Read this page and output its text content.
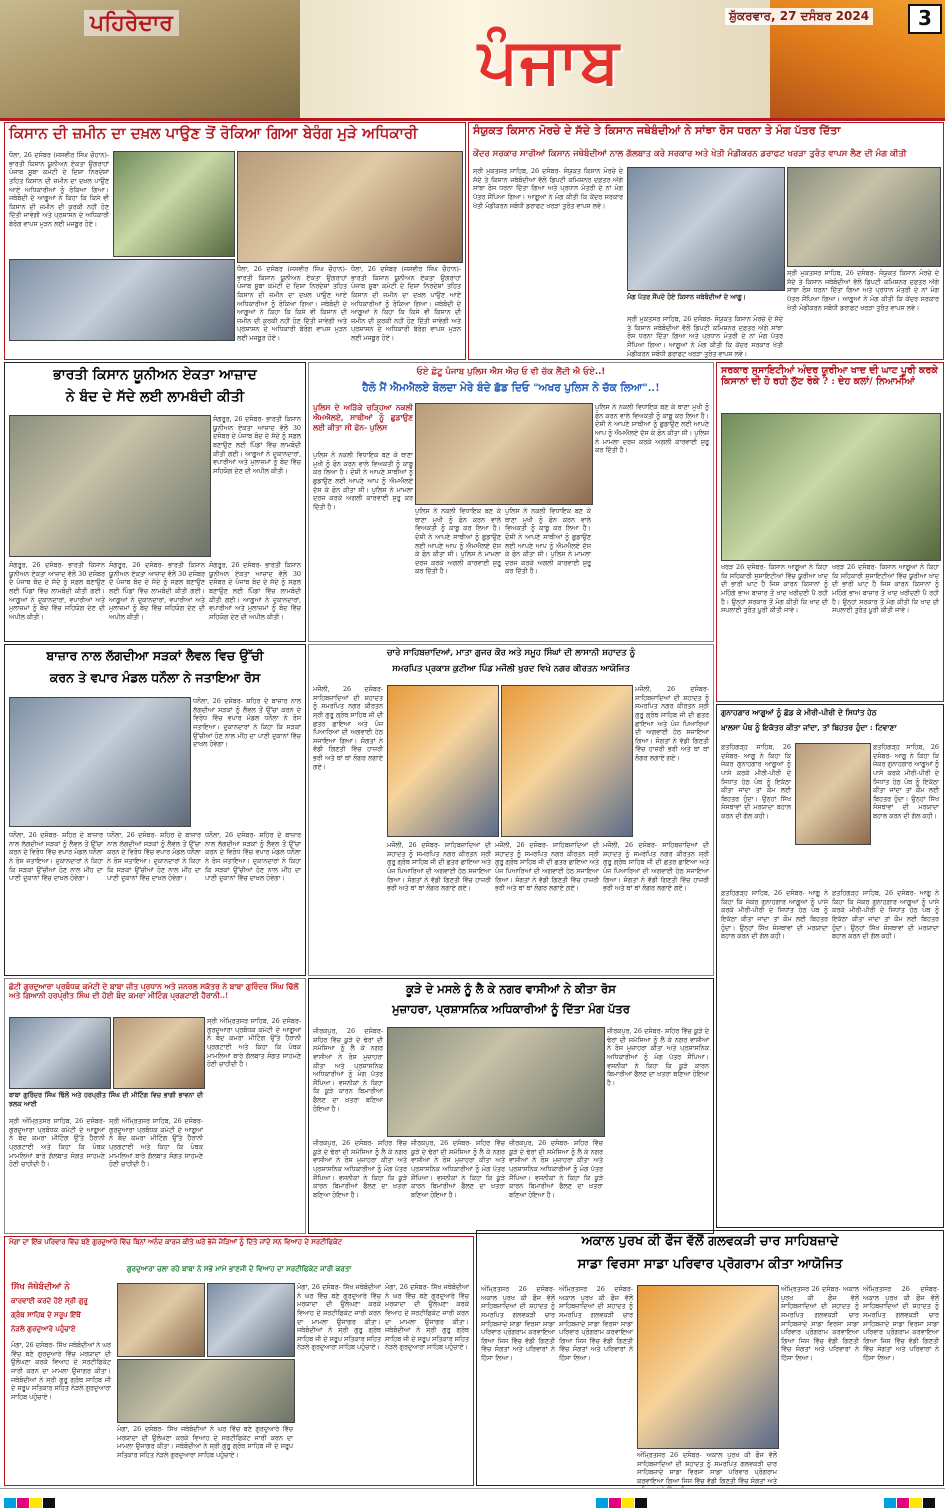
ਪਹਿਰੇਦਾਰ
ਪੰਜਾਬ
ਸ਼ੁੱਕਰਵਾਰ, 27 ਦਸੰਬਰ 2024	3
ਕਿਸਾਨ ਦੀ ਜ਼ਮੀਨ ਦਾ ਦਖ਼ਲ ਪਾਉਣ ਤੋਂ ਰੋਕਿਆ ਗਿਆ ਬੇਰੰਗ ਮੁੜੇ ਅਧਿਕਾਰੀ
ਧੌਲਾ, 26 ਦਸੰਬਰ (ਜਸਵੀਰ ਸਿੰਘ ਚੌਹਾਨ)- ਭਾਰਤੀ ਕਿਸਾਨ ਯੂਨੀਅਨ ਏਕਤਾ ਉਗਰਾਹਾਂ ਪੰਜਾਬ ਸੂਬਾ ਕਮੇਟੀ ਦੇ ਦਿਸ਼ਾ ਨਿਰਦੇਸ਼ਾਂ ਤਹਿਤ ਕਿਸਾਨ ਦੀ ਜ਼ਮੀਨ ਦਾ ਦਖ਼ਲ ਪਾਉਣ ਆਏ ਅਧਿਕਾਰੀਆਂ ਨੂੰ ਰੋਕਿਆ ਗਿਆ। ਜਥੇਬੰਦੀ ਦੇ ਆਗੂਆਂ ਨੇ ਕਿਹਾ ਕਿ ਕਿਸੇ ਵੀ ਕਿਸਾਨ ਦੀ ਜ਼ਮੀਨ ਦੀ ਕੁਰਕੀ ਨਹੀਂ ਹੋਣ ਦਿੱਤੀ ਜਾਵੇਗੀ ਅਤੇ ਪ੍ਰਸ਼ਾਸਨ ਦੇ ਅਧਿਕਾਰੀ ਬੇਰੰਗ ਵਾਪਸ ਮੁੜਨ ਲਈ ਮਜਬੂਰ ਹੋਏ।
ਧੌਲਾ, 26 ਦਸੰਬਰ (ਜਸਵੀਰ ਸਿੰਘ ਚੌਹਾਨ)- ਭਾਰਤੀ ਕਿਸਾਨ ਯੂਨੀਅਨ ਏਕਤਾ ਉਗਰਾਹਾਂ ਪੰਜਾਬ ਸੂਬਾ ਕਮੇਟੀ ਦੇ ਦਿਸ਼ਾ ਨਿਰਦੇਸ਼ਾਂ ਤਹਿਤ ਕਿਸਾਨ ਦੀ ਜ਼ਮੀਨ ਦਾ ਦਖ਼ਲ ਪਾਉਣ ਆਏ ਅਧਿਕਾਰੀਆਂ ਨੂੰ ਰੋਕਿਆ ਗਿਆ। ਜਥੇਬੰਦੀ ਦੇ ਆਗੂਆਂ ਨੇ ਕਿਹਾ ਕਿ ਕਿਸੇ ਵੀ ਕਿਸਾਨ ਦੀ ਜ਼ਮੀਨ ਦੀ ਕੁਰਕੀ ਨਹੀਂ ਹੋਣ ਦਿੱਤੀ ਜਾਵੇਗੀ ਅਤੇ ਪ੍ਰਸ਼ਾਸਨ ਦੇ ਅਧਿਕਾਰੀ ਬੇਰੰਗ ਵਾਪਸ ਮੁੜਨ ਲਈ ਮਜਬੂਰ ਹੋਏ।
ਧੌਲਾ, 26 ਦਸੰਬਰ (ਜਸਵੀਰ ਸਿੰਘ ਚੌਹਾਨ)- ਭਾਰਤੀ ਕਿਸਾਨ ਯੂਨੀਅਨ ਏਕਤਾ ਉਗਰਾਹਾਂ ਪੰਜਾਬ ਸੂਬਾ ਕਮੇਟੀ ਦੇ ਦਿਸ਼ਾ ਨਿਰਦੇਸ਼ਾਂ ਤਹਿਤ ਕਿਸਾਨ ਦੀ ਜ਼ਮੀਨ ਦਾ ਦਖ਼ਲ ਪਾਉਣ ਆਏ ਅਧਿਕਾਰੀਆਂ ਨੂੰ ਰੋਕਿਆ ਗਿਆ। ਜਥੇਬੰਦੀ ਦੇ ਆਗੂਆਂ ਨੇ ਕਿਹਾ ਕਿ ਕਿਸੇ ਵੀ ਕਿਸਾਨ ਦੀ ਜ਼ਮੀਨ ਦੀ ਕੁਰਕੀ ਨਹੀਂ ਹੋਣ ਦਿੱਤੀ ਜਾਵੇਗੀ ਅਤੇ ਪ੍ਰਸ਼ਾਸਨ ਦੇ ਅਧਿਕਾਰੀ ਬੇਰੰਗ ਵਾਪਸ ਮੁੜਨ ਲਈ ਮਜਬੂਰ ਹੋਏ।
ਸੰਯੁਕਤ ਕਿਸਾਨ ਮੋਰਚੇ ਦੇ ਸੱਦੇ ਤੇ ਕਿਸਾਨ ਜਥੇਬੰਦੀਆਂ ਨੇ ਸਾਂਝਾ ਰੋਸ ਧਰਨਾ ਤੇ ਮੰਗ ਪੱਤਰ ਦਿੱਤਾ
ਕੇਂਦਰ ਸਰਕਾਰ ਸਾਰੀਆਂ ਕਿਸਾਨ ਜਥੇਬੰਦੀਆਂ ਨਾਲ ਗੱਲਬਾਤ ਕਰੇ ਸਰਕਾਰ ਅਤੇ ਖੇਤੀ ਮੰਡੀਕਰਨ ਡਰਾਫਟ ਖਰੜਾ ਤੁਰੰਤ ਵਾਪਸ ਲੈਣ ਦੀ ਮੰਗ ਕੀਤੀ
ਸ੍ਰੀ ਮੁਕਤਸਰ ਸਾਹਿਬ, 26 ਦਸੰਬਰ- ਸੰਯੁਕਤ ਕਿਸਾਨ ਮੋਰਚੇ ਦੇ ਸੱਦੇ ਤੇ ਕਿਸਾਨ ਜਥੇਬੰਦੀਆਂ ਵੱਲੋਂ ਡਿਪਟੀ ਕਮਿਸ਼ਨਰ ਦਫ਼ਤਰ ਅੱਗੇ ਸਾਂਝਾ ਰੋਸ ਧਰਨਾ ਦਿੱਤਾ ਗਿਆ ਅਤੇ ਪ੍ਰਧਾਨ ਮੰਤਰੀ ਦੇ ਨਾਂ ਮੰਗ ਪੱਤਰ ਸੌਂਪਿਆ ਗਿਆ। ਆਗੂਆਂ ਨੇ ਮੰਗ ਕੀਤੀ ਕਿ ਕੇਂਦਰ ਸਰਕਾਰ ਖੇਤੀ ਮੰਡੀਕਰਨ ਸਬੰਧੀ ਡਰਾਫਟ ਖਰੜਾ ਤੁਰੰਤ ਵਾਪਸ ਲਵੇ।
ਮੰਗ ਪੱਤਰ ਸੌਂਪਦੇ ਹੋਏ ਕਿਸਾਨ ਜਥੇਬੰਦੀਆਂ ਦੇ ਆਗੂ।
ਸ੍ਰੀ ਮੁਕਤਸਰ ਸਾਹਿਬ, 26 ਦਸੰਬਰ- ਸੰਯੁਕਤ ਕਿਸਾਨ ਮੋਰਚੇ ਦੇ ਸੱਦੇ ਤੇ ਕਿਸਾਨ ਜਥੇਬੰਦੀਆਂ ਵੱਲੋਂ ਡਿਪਟੀ ਕਮਿਸ਼ਨਰ ਦਫ਼ਤਰ ਅੱਗੇ ਸਾਂਝਾ ਰੋਸ ਧਰਨਾ ਦਿੱਤਾ ਗਿਆ ਅਤੇ ਪ੍ਰਧਾਨ ਮੰਤਰੀ ਦੇ ਨਾਂ ਮੰਗ ਪੱਤਰ ਸੌਂਪਿਆ ਗਿਆ। ਆਗੂਆਂ ਨੇ ਮੰਗ ਕੀਤੀ ਕਿ ਕੇਂਦਰ ਸਰਕਾਰ ਖੇਤੀ ਮੰਡੀਕਰਨ ਸਬੰਧੀ ਡਰਾਫਟ ਖਰੜਾ ਤੁਰੰਤ ਵਾਪਸ ਲਵੇ।
ਸ੍ਰੀ ਮੁਕਤਸਰ ਸਾਹਿਬ, 26 ਦਸੰਬਰ- ਸੰਯੁਕਤ ਕਿਸਾਨ ਮੋਰਚੇ ਦੇ ਸੱਦੇ ਤੇ ਕਿਸਾਨ ਜਥੇਬੰਦੀਆਂ ਵੱਲੋਂ ਡਿਪਟੀ ਕਮਿਸ਼ਨਰ ਦਫ਼ਤਰ ਅੱਗੇ ਸਾਂਝਾ ਰੋਸ ਧਰਨਾ ਦਿੱਤਾ ਗਿਆ ਅਤੇ ਪ੍ਰਧਾਨ ਮੰਤਰੀ ਦੇ ਨਾਂ ਮੰਗ ਪੱਤਰ ਸੌਂਪਿਆ ਗਿਆ। ਆਗੂਆਂ ਨੇ ਮੰਗ ਕੀਤੀ ਕਿ ਕੇਂਦਰ ਸਰਕਾਰ ਖੇਤੀ ਮੰਡੀਕਰਨ ਸਬੰਧੀ ਡਰਾਫਟ ਖਰੜਾ ਤੁਰੰਤ ਵਾਪਸ ਲਵੇ।
ਭਾਰਤੀ ਕਿਸਾਨ ਯੂਨੀਅਨ ਏਕਤਾ ਆਜ਼ਾਦ
ਨੇ ਬੰਦ ਦੇ ਸੱਦੇ ਲਈ ਲਾਮਬੰਦੀ ਕੀਤੀ
ਸੰਗਰੂਰ, 26 ਦਸੰਬਰ- ਭਾਰਤੀ ਕਿਸਾਨ ਯੂਨੀਅਨ ਏਕਤਾ ਆਜ਼ਾਦ ਵੱਲੋਂ 30 ਦਸੰਬਰ ਦੇ ਪੰਜਾਬ ਬੰਦ ਦੇ ਸੱਦੇ ਨੂੰ ਸਫ਼ਲ ਬਣਾਉਣ ਲਈ ਪਿੰਡਾਂ ਵਿੱਚ ਲਾਮਬੰਦੀ ਕੀਤੀ ਗਈ। ਆਗੂਆਂ ਨੇ ਦੁਕਾਨਦਾਰਾਂ, ਵਪਾਰੀਆਂ ਅਤੇ ਮੁਲਾਜ਼ਮਾਂ ਨੂੰ ਬੰਦ ਵਿੱਚ ਸਹਿਯੋਗ ਦੇਣ ਦੀ ਅਪੀਲ ਕੀਤੀ।
ਸੰਗਰੂਰ, 26 ਦਸੰਬਰ- ਭਾਰਤੀ ਕਿਸਾਨ ਯੂਨੀਅਨ ਏਕਤਾ ਆਜ਼ਾਦ ਵੱਲੋਂ 30 ਦਸੰਬਰ ਦੇ ਪੰਜਾਬ ਬੰਦ ਦੇ ਸੱਦੇ ਨੂੰ ਸਫ਼ਲ ਬਣਾਉਣ ਲਈ ਪਿੰਡਾਂ ਵਿੱਚ ਲਾਮਬੰਦੀ ਕੀਤੀ ਗਈ। ਆਗੂਆਂ ਨੇ ਦੁਕਾਨਦਾਰਾਂ, ਵਪਾਰੀਆਂ ਅਤੇ ਮੁਲਾਜ਼ਮਾਂ ਨੂੰ ਬੰਦ ਵਿੱਚ ਸਹਿਯੋਗ ਦੇਣ ਦੀ ਅਪੀਲ ਕੀਤੀ।
ਸੰਗਰੂਰ, 26 ਦਸੰਬਰ- ਭਾਰਤੀ ਕਿਸਾਨ ਯੂਨੀਅਨ ਏਕਤਾ ਆਜ਼ਾਦ ਵੱਲੋਂ 30 ਦਸੰਬਰ ਦੇ ਪੰਜਾਬ ਬੰਦ ਦੇ ਸੱਦੇ ਨੂੰ ਸਫ਼ਲ ਬਣਾਉਣ ਲਈ ਪਿੰਡਾਂ ਵਿੱਚ ਲਾਮਬੰਦੀ ਕੀਤੀ ਗਈ। ਆਗੂਆਂ ਨੇ ਦੁਕਾਨਦਾਰਾਂ, ਵਪਾਰੀਆਂ ਅਤੇ ਮੁਲਾਜ਼ਮਾਂ ਨੂੰ ਬੰਦ ਵਿੱਚ ਸਹਿਯੋਗ ਦੇਣ ਦੀ ਅਪੀਲ ਕੀਤੀ।
ਸੰਗਰੂਰ, 26 ਦਸੰਬਰ- ਭਾਰਤੀ ਕਿਸਾਨ ਯੂਨੀਅਨ ਏਕਤਾ ਆਜ਼ਾਦ ਵੱਲੋਂ 30 ਦਸੰਬਰ ਦੇ ਪੰਜਾਬ ਬੰਦ ਦੇ ਸੱਦੇ ਨੂੰ ਸਫ਼ਲ ਬਣਾਉਣ ਲਈ ਪਿੰਡਾਂ ਵਿੱਚ ਲਾਮਬੰਦੀ ਕੀਤੀ ਗਈ। ਆਗੂਆਂ ਨੇ ਦੁਕਾਨਦਾਰਾਂ, ਵਪਾਰੀਆਂ ਅਤੇ ਮੁਲਾਜ਼ਮਾਂ ਨੂੰ ਬੰਦ ਵਿੱਚ ਸਹਿਯੋਗ ਦੇਣ ਦੀ ਅਪੀਲ ਕੀਤੀ।
ਓਏ ਛੋਟੂ ਪੰਜਾਬ ਪੁਲਿਸ ਐਸ ਐਚ ਓ ਵੀ ਚੱਕ ਲੈਂਦੀ ਐ ਓਏ..!
ਹੈਲੋ ਮੈਂ ਐਮਐਲਏ ਬੋਲਦਾ ਮੇਰੇ ਬੰਦੇ ਛੱਡ ਦਿਓ "ਅਖਰ ਪੁਲਿਸ ਨੇ ਚੱਕ ਲਿਆ"..!
ਪੁਲਿਸ ਦੇ ਅੜਿੱਕੇ ਚੜ੍ਹਿਆ ਨਕਲੀ ਐਮਐਲਏ, ਸਾਥੀਆਂ ਨੂੰ ਛੁਡਾਉਣ ਲਈ ਕੀਤਾ ਸੀ ਫੋਨ- ਪੁਲਿਸ
ਪੁਲਿਸ ਨੇ ਨਕਲੀ ਵਿਧਾਇਕ ਬਣ ਕੇ ਥਾਣਾ ਮੁਖੀ ਨੂੰ ਫੋਨ ਕਰਨ ਵਾਲੇ ਵਿਅਕਤੀ ਨੂੰ ਕਾਬੂ ਕਰ ਲਿਆ ਹੈ। ਦੋਸ਼ੀ ਨੇ ਆਪਣੇ ਸਾਥੀਆਂ ਨੂੰ ਛੁਡਾਉਣ ਲਈ ਆਪਣੇ ਆਪ ਨੂੰ ਐਮਐਲਏ ਦੱਸ ਕੇ ਫੋਨ ਕੀਤਾ ਸੀ। ਪੁਲਿਸ ਨੇ ਮਾਮਲਾ ਦਰਜ ਕਰਕੇ ਅਗਲੀ ਕਾਰਵਾਈ ਸ਼ੁਰੂ ਕਰ ਦਿੱਤੀ ਹੈ।
ਪੁਲਿਸ ਨੇ ਨਕਲੀ ਵਿਧਾਇਕ ਬਣ ਕੇ ਥਾਣਾ ਮੁਖੀ ਨੂੰ ਫੋਨ ਕਰਨ ਵਾਲੇ ਵਿਅਕਤੀ ਨੂੰ ਕਾਬੂ ਕਰ ਲਿਆ ਹੈ। ਦੋਸ਼ੀ ਨੇ ਆਪਣੇ ਸਾਥੀਆਂ ਨੂੰ ਛੁਡਾਉਣ ਲਈ ਆਪਣੇ ਆਪ ਨੂੰ ਐਮਐਲਏ ਦੱਸ ਕੇ ਫੋਨ ਕੀਤਾ ਸੀ। ਪੁਲਿਸ ਨੇ ਮਾਮਲਾ ਦਰਜ ਕਰਕੇ ਅਗਲੀ ਕਾਰਵਾਈ ਸ਼ੁਰੂ ਕਰ ਦਿੱਤੀ ਹੈ।
ਪੁਲਿਸ ਨੇ ਨਕਲੀ ਵਿਧਾਇਕ ਬਣ ਕੇ ਥਾਣਾ ਮੁਖੀ ਨੂੰ ਫੋਨ ਕਰਨ ਵਾਲੇ ਵਿਅਕਤੀ ਨੂੰ ਕਾਬੂ ਕਰ ਲਿਆ ਹੈ। ਦੋਸ਼ੀ ਨੇ ਆਪਣੇ ਸਾਥੀਆਂ ਨੂੰ ਛੁਡਾਉਣ ਲਈ ਆਪਣੇ ਆਪ ਨੂੰ ਐਮਐਲਏ ਦੱਸ ਕੇ ਫੋਨ ਕੀਤਾ ਸੀ। ਪੁਲਿਸ ਨੇ ਮਾਮਲਾ ਦਰਜ ਕਰਕੇ ਅਗਲੀ ਕਾਰਵਾਈ ਸ਼ੁਰੂ ਕਰ ਦਿੱਤੀ ਹੈ।
ਪੁਲਿਸ ਨੇ ਨਕਲੀ ਵਿਧਾਇਕ ਬਣ ਕੇ ਥਾਣਾ ਮੁਖੀ ਨੂੰ ਫੋਨ ਕਰਨ ਵਾਲੇ ਵਿਅਕਤੀ ਨੂੰ ਕਾਬੂ ਕਰ ਲਿਆ ਹੈ। ਦੋਸ਼ੀ ਨੇ ਆਪਣੇ ਸਾਥੀਆਂ ਨੂੰ ਛੁਡਾਉਣ ਲਈ ਆਪਣੇ ਆਪ ਨੂੰ ਐਮਐਲਏ ਦੱਸ ਕੇ ਫੋਨ ਕੀਤਾ ਸੀ। ਪੁਲਿਸ ਨੇ ਮਾਮਲਾ ਦਰਜ ਕਰਕੇ ਅਗਲੀ ਕਾਰਵਾਈ ਸ਼ੁਰੂ ਕਰ ਦਿੱਤੀ ਹੈ।
ਸਰਕਾਰ ਸੁਸਾਇਟੀਆਂ ਅੰਦਰ ਯੂਰੀਆ ਖਾਦ ਦੀ ਘਾਟ ਪੂਰੀ ਕਰਕੇ ਕਿਸਾਨਾਂ ਦੀ ਹੋ ਰਹੀ ਲੁੱਟ ਰੋਕੇ ? : ਦੇਹ ਕਲਾਂ/ ਨਿਆਮੀਆਂ
ਖਰੜ 26 ਦਸੰਬਰ- ਕਿਸਾਨ ਆਗੂਆਂ ਨੇ ਕਿਹਾ ਕਿ ਸਹਿਕਾਰੀ ਸੁਸਾਇਟੀਆਂ ਵਿੱਚ ਯੂਰੀਆ ਖਾਦ ਦੀ ਭਾਰੀ ਘਾਟ ਹੈ ਜਿਸ ਕਾਰਨ ਕਿਸਾਨਾਂ ਨੂੰ ਮਹਿੰਗੇ ਭਾਅ ਬਾਜ਼ਾਰ ਤੋਂ ਖਾਦ ਖਰੀਦਣੀ ਪੈ ਰਹੀ ਹੈ। ਉਨ੍ਹਾਂ ਸਰਕਾਰ ਤੋਂ ਮੰਗ ਕੀਤੀ ਕਿ ਖਾਦ ਦੀ ਸਪਲਾਈ ਤੁਰੰਤ ਪੂਰੀ ਕੀਤੀ ਜਾਵੇ।
ਖਰੜ 26 ਦਸੰਬਰ- ਕਿਸਾਨ ਆਗੂਆਂ ਨੇ ਕਿਹਾ ਕਿ ਸਹਿਕਾਰੀ ਸੁਸਾਇਟੀਆਂ ਵਿੱਚ ਯੂਰੀਆ ਖਾਦ ਦੀ ਭਾਰੀ ਘਾਟ ਹੈ ਜਿਸ ਕਾਰਨ ਕਿਸਾਨਾਂ ਨੂੰ ਮਹਿੰਗੇ ਭਾਅ ਬਾਜ਼ਾਰ ਤੋਂ ਖਾਦ ਖਰੀਦਣੀ ਪੈ ਰਹੀ ਹੈ। ਉਨ੍ਹਾਂ ਸਰਕਾਰ ਤੋਂ ਮੰਗ ਕੀਤੀ ਕਿ ਖਾਦ ਦੀ ਸਪਲਾਈ ਤੁਰੰਤ ਪੂਰੀ ਕੀਤੀ ਜਾਵੇ।
ਬਾਜ਼ਾਰ ਨਾਲ ਲੱਗਦੀਆ ਸੜਕਾਂ ਲੈਵਲ ਵਿਚ ਉੱਚੀ
ਕਰਨ ਤੇ ਵਪਾਰ ਮੰਡਲ ਧਨੌਲਾ ਨੇ ਜਤਾਇਆ ਰੋਸ
ਧਨੌਲਾ, 26 ਦਸੰਬਰ- ਸ਼ਹਿਰ ਦੇ ਬਾਜ਼ਾਰ ਨਾਲ ਲੱਗਦੀਆਂ ਸੜਕਾਂ ਨੂੰ ਲੈਵਲ ਤੋਂ ਉੱਚਾ ਕਰਨ ਦੇ ਵਿਰੋਧ ਵਿੱਚ ਵਪਾਰ ਮੰਡਲ ਧਨੌਲਾ ਨੇ ਰੋਸ ਜਤਾਇਆ। ਦੁਕਾਨਦਾਰਾਂ ਨੇ ਕਿਹਾ ਕਿ ਸੜਕਾਂ ਉੱਚੀਆਂ ਹੋਣ ਨਾਲ ਮੀਂਹ ਦਾ ਪਾਣੀ ਦੁਕਾਨਾਂ ਵਿੱਚ ਦਾਖ਼ਲ ਹੋਵੇਗਾ।
ਧਨੌਲਾ, 26 ਦਸੰਬਰ- ਸ਼ਹਿਰ ਦੇ ਬਾਜ਼ਾਰ ਨਾਲ ਲੱਗਦੀਆਂ ਸੜਕਾਂ ਨੂੰ ਲੈਵਲ ਤੋਂ ਉੱਚਾ ਕਰਨ ਦੇ ਵਿਰੋਧ ਵਿੱਚ ਵਪਾਰ ਮੰਡਲ ਧਨੌਲਾ ਨੇ ਰੋਸ ਜਤਾਇਆ। ਦੁਕਾਨਦਾਰਾਂ ਨੇ ਕਿਹਾ ਕਿ ਸੜਕਾਂ ਉੱਚੀਆਂ ਹੋਣ ਨਾਲ ਮੀਂਹ ਦਾ ਪਾਣੀ ਦੁਕਾਨਾਂ ਵਿੱਚ ਦਾਖ਼ਲ ਹੋਵੇਗਾ।
ਧਨੌਲਾ, 26 ਦਸੰਬਰ- ਸ਼ਹਿਰ ਦੇ ਬਾਜ਼ਾਰ ਨਾਲ ਲੱਗਦੀਆਂ ਸੜਕਾਂ ਨੂੰ ਲੈਵਲ ਤੋਂ ਉੱਚਾ ਕਰਨ ਦੇ ਵਿਰੋਧ ਵਿੱਚ ਵਪਾਰ ਮੰਡਲ ਧਨੌਲਾ ਨੇ ਰੋਸ ਜਤਾਇਆ। ਦੁਕਾਨਦਾਰਾਂ ਨੇ ਕਿਹਾ ਕਿ ਸੜਕਾਂ ਉੱਚੀਆਂ ਹੋਣ ਨਾਲ ਮੀਂਹ ਦਾ ਪਾਣੀ ਦੁਕਾਨਾਂ ਵਿੱਚ ਦਾਖ਼ਲ ਹੋਵੇਗਾ।
ਧਨੌਲਾ, 26 ਦਸੰਬਰ- ਸ਼ਹਿਰ ਦੇ ਬਾਜ਼ਾਰ ਨਾਲ ਲੱਗਦੀਆਂ ਸੜਕਾਂ ਨੂੰ ਲੈਵਲ ਤੋਂ ਉੱਚਾ ਕਰਨ ਦੇ ਵਿਰੋਧ ਵਿੱਚ ਵਪਾਰ ਮੰਡਲ ਧਨੌਲਾ ਨੇ ਰੋਸ ਜਤਾਇਆ। ਦੁਕਾਨਦਾਰਾਂ ਨੇ ਕਿਹਾ ਕਿ ਸੜਕਾਂ ਉੱਚੀਆਂ ਹੋਣ ਨਾਲ ਮੀਂਹ ਦਾ ਪਾਣੀ ਦੁਕਾਨਾਂ ਵਿੱਚ ਦਾਖ਼ਲ ਹੋਵੇਗਾ।
ਚਾਰੇ ਸਾਹਿਬਜ਼ਾਦਿਆਂ, ਮਾਤਾ ਗੁਜਰ ਕੌਰ ਅਤੇ ਸਮੂਹ ਸਿੰਘਾਂ ਦੀ ਲਾਸਾਨੀ ਸ਼ਹਾਦਤ ਨੂੰ
ਸਮਰਪਿਤ ਪ੍ਰਕਾਸ਼ ਕੁਟੀਆ ਪਿੰਡ ਮਜੌਲੀ ਖੁਰਦ ਵਿਖੇ ਨਗਰ ਕੀਰਤਨ ਆਯੋਜਿਤ
ਮਜੌਲੀ, 26 ਦਸੰਬਰ- ਸਾਹਿਬਜ਼ਾਦਿਆਂ ਦੀ ਸ਼ਹਾਦਤ ਨੂੰ ਸਮਰਪਿਤ ਨਗਰ ਕੀਰਤਨ ਸ੍ਰੀ ਗੁਰੂ ਗ੍ਰੰਥ ਸਾਹਿਬ ਜੀ ਦੀ ਛਤਰ ਛਾਇਆ ਅਤੇ ਪੰਜ ਪਿਆਰਿਆਂ ਦੀ ਅਗਵਾਈ ਹੇਠ ਸਜਾਇਆ ਗਿਆ। ਸੰਗਤਾਂ ਨੇ ਵੱਡੀ ਗਿਣਤੀ ਵਿੱਚ ਹਾਜ਼ਰੀ ਭਰੀ ਅਤੇ ਥਾਂ ਥਾਂ ਲੰਗਰ ਲਗਾਏ ਗਏ।
ਮਜੌਲੀ, 26 ਦਸੰਬਰ- ਸਾਹਿਬਜ਼ਾਦਿਆਂ ਦੀ ਸ਼ਹਾਦਤ ਨੂੰ ਸਮਰਪਿਤ ਨਗਰ ਕੀਰਤਨ ਸ੍ਰੀ ਗੁਰੂ ਗ੍ਰੰਥ ਸਾਹਿਬ ਜੀ ਦੀ ਛਤਰ ਛਾਇਆ ਅਤੇ ਪੰਜ ਪਿਆਰਿਆਂ ਦੀ ਅਗਵਾਈ ਹੇਠ ਸਜਾਇਆ ਗਿਆ। ਸੰਗਤਾਂ ਨੇ ਵੱਡੀ ਗਿਣਤੀ ਵਿੱਚ ਹਾਜ਼ਰੀ ਭਰੀ ਅਤੇ ਥਾਂ ਥਾਂ ਲੰਗਰ ਲਗਾਏ ਗਏ।
ਮਜੌਲੀ, 26 ਦਸੰਬਰ- ਸਾਹਿਬਜ਼ਾਦਿਆਂ ਦੀ ਸ਼ਹਾਦਤ ਨੂੰ ਸਮਰਪਿਤ ਨਗਰ ਕੀਰਤਨ ਸ੍ਰੀ ਗੁਰੂ ਗ੍ਰੰਥ ਸਾਹਿਬ ਜੀ ਦੀ ਛਤਰ ਛਾਇਆ ਅਤੇ ਪੰਜ ਪਿਆਰਿਆਂ ਦੀ ਅਗਵਾਈ ਹੇਠ ਸਜਾਇਆ ਗਿਆ। ਸੰਗਤਾਂ ਨੇ ਵੱਡੀ ਗਿਣਤੀ ਵਿੱਚ ਹਾਜ਼ਰੀ ਭਰੀ ਅਤੇ ਥਾਂ ਥਾਂ ਲੰਗਰ ਲਗਾਏ ਗਏ।
ਮਜੌਲੀ, 26 ਦਸੰਬਰ- ਸਾਹਿਬਜ਼ਾਦਿਆਂ ਦੀ ਸ਼ਹਾਦਤ ਨੂੰ ਸਮਰਪਿਤ ਨਗਰ ਕੀਰਤਨ ਸ੍ਰੀ ਗੁਰੂ ਗ੍ਰੰਥ ਸਾਹਿਬ ਜੀ ਦੀ ਛਤਰ ਛਾਇਆ ਅਤੇ ਪੰਜ ਪਿਆਰਿਆਂ ਦੀ ਅਗਵਾਈ ਹੇਠ ਸਜਾਇਆ ਗਿਆ। ਸੰਗਤਾਂ ਨੇ ਵੱਡੀ ਗਿਣਤੀ ਵਿੱਚ ਹਾਜ਼ਰੀ ਭਰੀ ਅਤੇ ਥਾਂ ਥਾਂ ਲੰਗਰ ਲਗਾਏ ਗਏ।
ਮਜੌਲੀ, 26 ਦਸੰਬਰ- ਸਾਹਿਬਜ਼ਾਦਿਆਂ ਦੀ ਸ਼ਹਾਦਤ ਨੂੰ ਸਮਰਪਿਤ ਨਗਰ ਕੀਰਤਨ ਸ੍ਰੀ ਗੁਰੂ ਗ੍ਰੰਥ ਸਾਹਿਬ ਜੀ ਦੀ ਛਤਰ ਛਾਇਆ ਅਤੇ ਪੰਜ ਪਿਆਰਿਆਂ ਦੀ ਅਗਵਾਈ ਹੇਠ ਸਜਾਇਆ ਗਿਆ। ਸੰਗਤਾਂ ਨੇ ਵੱਡੀ ਗਿਣਤੀ ਵਿੱਚ ਹਾਜ਼ਰੀ ਭਰੀ ਅਤੇ ਥਾਂ ਥਾਂ ਲੰਗਰ ਲਗਾਏ ਗਏ।
ਗੁਨਾਹਗਾਰ ਆਗੂਆਂ ਨੂੰ ਛੱਡ ਕੇ ਮੀਰੀ-ਪੀਰੀ ਦੇ ਸਿਧਾਂਤ ਹੇਠ
ਖ਼ਾਲਸਾ ਪੰਥ ਨੂੰ ਇਕੱਤਰ ਕੀਤਾ ਜਾਂਦਾ, ਤਾਂ ਬਿਹਤਰ ਹੁੰਦਾ : ਟਿਵਾਣਾ
ਫ਼ਤਹਿਗੜ੍ਹ ਸਾਹਿਬ, 26 ਦਸੰਬਰ- ਆਗੂ ਨੇ ਕਿਹਾ ਕਿ ਜੇਕਰ ਗੁਨਾਹਗਾਰ ਆਗੂਆਂ ਨੂੰ ਪਾਸੇ ਕਰਕੇ ਮੀਰੀ-ਪੀਰੀ ਦੇ ਸਿਧਾਂਤ ਹੇਠ ਪੰਥ ਨੂੰ ਇਕੱਠਾ ਕੀਤਾ ਜਾਂਦਾ ਤਾਂ ਕੌਮ ਲਈ ਬਿਹਤਰ ਹੁੰਦਾ। ਉਨ੍ਹਾਂ ਸਿੱਖ ਸੰਸਥਾਵਾਂ ਦੀ ਮਰਯਾਦਾ ਬਹਾਲ ਕਰਨ ਦੀ ਗੱਲ ਕਹੀ।
ਫ਼ਤਹਿਗੜ੍ਹ ਸਾਹਿਬ, 26 ਦਸੰਬਰ- ਆਗੂ ਨੇ ਕਿਹਾ ਕਿ ਜੇਕਰ ਗੁਨਾਹਗਾਰ ਆਗੂਆਂ ਨੂੰ ਪਾਸੇ ਕਰਕੇ ਮੀਰੀ-ਪੀਰੀ ਦੇ ਸਿਧਾਂਤ ਹੇਠ ਪੰਥ ਨੂੰ ਇਕੱਠਾ ਕੀਤਾ ਜਾਂਦਾ ਤਾਂ ਕੌਮ ਲਈ ਬਿਹਤਰ ਹੁੰਦਾ। ਉਨ੍ਹਾਂ ਸਿੱਖ ਸੰਸਥਾਵਾਂ ਦੀ ਮਰਯਾਦਾ ਬਹਾਲ ਕਰਨ ਦੀ ਗੱਲ ਕਹੀ।
ਫ਼ਤਹਿਗੜ੍ਹ ਸਾਹਿਬ, 26 ਦਸੰਬਰ- ਆਗੂ ਨੇ ਕਿਹਾ ਕਿ ਜੇਕਰ ਗੁਨਾਹਗਾਰ ਆਗੂਆਂ ਨੂੰ ਪਾਸੇ ਕਰਕੇ ਮੀਰੀ-ਪੀਰੀ ਦੇ ਸਿਧਾਂਤ ਹੇਠ ਪੰਥ ਨੂੰ ਇਕੱਠਾ ਕੀਤਾ ਜਾਂਦਾ ਤਾਂ ਕੌਮ ਲਈ ਬਿਹਤਰ ਹੁੰਦਾ। ਉਨ੍ਹਾਂ ਸਿੱਖ ਸੰਸਥਾਵਾਂ ਦੀ ਮਰਯਾਦਾ ਬਹਾਲ ਕਰਨ ਦੀ ਗੱਲ ਕਹੀ।
ਫ਼ਤਹਿਗੜ੍ਹ ਸਾਹਿਬ, 26 ਦਸੰਬਰ- ਆਗੂ ਨੇ ਕਿਹਾ ਕਿ ਜੇਕਰ ਗੁਨਾਹਗਾਰ ਆਗੂਆਂ ਨੂੰ ਪਾਸੇ ਕਰਕੇ ਮੀਰੀ-ਪੀਰੀ ਦੇ ਸਿਧਾਂਤ ਹੇਠ ਪੰਥ ਨੂੰ ਇਕੱਠਾ ਕੀਤਾ ਜਾਂਦਾ ਤਾਂ ਕੌਮ ਲਈ ਬਿਹਤਰ ਹੁੰਦਾ। ਉਨ੍ਹਾਂ ਸਿੱਖ ਸੰਸਥਾਵਾਂ ਦੀ ਮਰਯਾਦਾ ਬਹਾਲ ਕਰਨ ਦੀ ਗੱਲ ਕਹੀ।
ਛੋਟੀ ਗੁਰਦੁਆਰਾ ਪ੍ਰਬੰਧਕ ਕਮੇਟੀ ਦੇ ਬਾਬਾ ਜੀਤ ਪ੍ਰਧਾਨ ਅਤੇ ਜਨਰਲ ਸਕੱਤਰ ਨੇ ਬਾਬਾ ਗੁਰਿੰਦਰ ਸਿੰਘ ਢਿੱਲੋਂ ਅਤੇ ਗਿਆਨੀ ਹਰਪ੍ਰੀਤ ਸਿੰਘ ਦੀ ਹੋਈ ਬੰਦ ਕਮਰਾ ਮੀਟਿੰਗ ਪ੍ਰਗਟਾਈ ਹੈਰਾਨੀ..!
ਬਾਬਾ ਗੁਰਿੰਦਰ ਸਿੰਘ ਢਿੱਲੋਂ ਅਤੇ ਹਰਪ੍ਰੀਤ ਸਿੰਘ ਦੀ ਮੀਟਿੰਗ ਵਿਚ ਭਾਗੀ ਭਾਵਨਾ ਦੀ ਝਲਕ ਆਈ
ਸ੍ਰੀ ਅੰਮ੍ਰਿਤਸਰ ਸਾਹਿਬ, 26 ਦਸੰਬਰ- ਗੁਰਦੁਆਰਾ ਪ੍ਰਬੰਧਕ ਕਮੇਟੀ ਦੇ ਆਗੂਆਂ ਨੇ ਬੰਦ ਕਮਰਾ ਮੀਟਿੰਗ ਉੱਤੇ ਹੈਰਾਨੀ ਪ੍ਰਗਟਾਈ ਅਤੇ ਕਿਹਾ ਕਿ ਪੰਥਕ ਮਾਮਲਿਆਂ ਬਾਰੇ ਗੱਲਬਾਤ ਸੰਗਤ ਸਾਹਮਣੇ ਹੋਣੀ ਚਾਹੀਦੀ ਹੈ।
ਸ੍ਰੀ ਅੰਮ੍ਰਿਤਸਰ ਸਾਹਿਬ, 26 ਦਸੰਬਰ- ਗੁਰਦੁਆਰਾ ਪ੍ਰਬੰਧਕ ਕਮੇਟੀ ਦੇ ਆਗੂਆਂ ਨੇ ਬੰਦ ਕਮਰਾ ਮੀਟਿੰਗ ਉੱਤੇ ਹੈਰਾਨੀ ਪ੍ਰਗਟਾਈ ਅਤੇ ਕਿਹਾ ਕਿ ਪੰਥਕ ਮਾਮਲਿਆਂ ਬਾਰੇ ਗੱਲਬਾਤ ਸੰਗਤ ਸਾਹਮਣੇ ਹੋਣੀ ਚਾਹੀਦੀ ਹੈ।
ਸ੍ਰੀ ਅੰਮ੍ਰਿਤਸਰ ਸਾਹਿਬ, 26 ਦਸੰਬਰ- ਗੁਰਦੁਆਰਾ ਪ੍ਰਬੰਧਕ ਕਮੇਟੀ ਦੇ ਆਗੂਆਂ ਨੇ ਬੰਦ ਕਮਰਾ ਮੀਟਿੰਗ ਉੱਤੇ ਹੈਰਾਨੀ ਪ੍ਰਗਟਾਈ ਅਤੇ ਕਿਹਾ ਕਿ ਪੰਥਕ ਮਾਮਲਿਆਂ ਬਾਰੇ ਗੱਲਬਾਤ ਸੰਗਤ ਸਾਹਮਣੇ ਹੋਣੀ ਚਾਹੀਦੀ ਹੈ।
ਕੂੜੇ ਦੇ ਮਸਲੇ ਨੂੰ ਲੈ ਕੇ ਨਗਰ ਵਾਸੀਆਂ ਨੇ ਕੀਤਾ ਰੋਸ
ਮੁਜ਼ਾਹਰਾ, ਪ੍ਰਸ਼ਾਸਨਿਕ ਅਧਿਕਾਰੀਆਂ ਨੂੰ ਦਿੱਤਾ ਮੰਗ ਪੱਤਰ
ਜ਼ੀਰਕਪੁਰ, 26 ਦਸੰਬਰ- ਸ਼ਹਿਰ ਵਿੱਚ ਕੂੜੇ ਦੇ ਢੇਰਾਂ ਦੀ ਸਮੱਸਿਆ ਨੂੰ ਲੈ ਕੇ ਨਗਰ ਵਾਸੀਆਂ ਨੇ ਰੋਸ ਮੁਜ਼ਾਹਰਾ ਕੀਤਾ ਅਤੇ ਪ੍ਰਸ਼ਾਸਨਿਕ ਅਧਿਕਾਰੀਆਂ ਨੂੰ ਮੰਗ ਪੱਤਰ ਸੌਂਪਿਆ। ਵਸਨੀਕਾਂ ਨੇ ਕਿਹਾ ਕਿ ਕੂੜੇ ਕਾਰਨ ਬਿਮਾਰੀਆਂ ਫੈਲਣ ਦਾ ਖ਼ਤਰਾ ਬਣਿਆ ਹੋਇਆ ਹੈ।
ਜ਼ੀਰਕਪੁਰ, 26 ਦਸੰਬਰ- ਸ਼ਹਿਰ ਵਿੱਚ ਕੂੜੇ ਦੇ ਢੇਰਾਂ ਦੀ ਸਮੱਸਿਆ ਨੂੰ ਲੈ ਕੇ ਨਗਰ ਵਾਸੀਆਂ ਨੇ ਰੋਸ ਮੁਜ਼ਾਹਰਾ ਕੀਤਾ ਅਤੇ ਪ੍ਰਸ਼ਾਸਨਿਕ ਅਧਿਕਾਰੀਆਂ ਨੂੰ ਮੰਗ ਪੱਤਰ ਸੌਂਪਿਆ। ਵਸਨੀਕਾਂ ਨੇ ਕਿਹਾ ਕਿ ਕੂੜੇ ਕਾਰਨ ਬਿਮਾਰੀਆਂ ਫੈਲਣ ਦਾ ਖ਼ਤਰਾ ਬਣਿਆ ਹੋਇਆ ਹੈ।
ਜ਼ੀਰਕਪੁਰ, 26 ਦਸੰਬਰ- ਸ਼ਹਿਰ ਵਿੱਚ ਕੂੜੇ ਦੇ ਢੇਰਾਂ ਦੀ ਸਮੱਸਿਆ ਨੂੰ ਲੈ ਕੇ ਨਗਰ ਵਾਸੀਆਂ ਨੇ ਰੋਸ ਮੁਜ਼ਾਹਰਾ ਕੀਤਾ ਅਤੇ ਪ੍ਰਸ਼ਾਸਨਿਕ ਅਧਿਕਾਰੀਆਂ ਨੂੰ ਮੰਗ ਪੱਤਰ ਸੌਂਪਿਆ। ਵਸਨੀਕਾਂ ਨੇ ਕਿਹਾ ਕਿ ਕੂੜੇ ਕਾਰਨ ਬਿਮਾਰੀਆਂ ਫੈਲਣ ਦਾ ਖ਼ਤਰਾ ਬਣਿਆ ਹੋਇਆ ਹੈ।
ਜ਼ੀਰਕਪੁਰ, 26 ਦਸੰਬਰ- ਸ਼ਹਿਰ ਵਿੱਚ ਕੂੜੇ ਦੇ ਢੇਰਾਂ ਦੀ ਸਮੱਸਿਆ ਨੂੰ ਲੈ ਕੇ ਨਗਰ ਵਾਸੀਆਂ ਨੇ ਰੋਸ ਮੁਜ਼ਾਹਰਾ ਕੀਤਾ ਅਤੇ ਪ੍ਰਸ਼ਾਸਨਿਕ ਅਧਿਕਾਰੀਆਂ ਨੂੰ ਮੰਗ ਪੱਤਰ ਸੌਂਪਿਆ। ਵਸਨੀਕਾਂ ਨੇ ਕਿਹਾ ਕਿ ਕੂੜੇ ਕਾਰਨ ਬਿਮਾਰੀਆਂ ਫੈਲਣ ਦਾ ਖ਼ਤਰਾ ਬਣਿਆ ਹੋਇਆ ਹੈ।
ਜ਼ੀਰਕਪੁਰ, 26 ਦਸੰਬਰ- ਸ਼ਹਿਰ ਵਿੱਚ ਕੂੜੇ ਦੇ ਢੇਰਾਂ ਦੀ ਸਮੱਸਿਆ ਨੂੰ ਲੈ ਕੇ ਨਗਰ ਵਾਸੀਆਂ ਨੇ ਰੋਸ ਮੁਜ਼ਾਹਰਾ ਕੀਤਾ ਅਤੇ ਪ੍ਰਸ਼ਾਸਨਿਕ ਅਧਿਕਾਰੀਆਂ ਨੂੰ ਮੰਗ ਪੱਤਰ ਸੌਂਪਿਆ। ਵਸਨੀਕਾਂ ਨੇ ਕਿਹਾ ਕਿ ਕੂੜੇ ਕਾਰਨ ਬਿਮਾਰੀਆਂ ਫੈਲਣ ਦਾ ਖ਼ਤਰਾ ਬਣਿਆ ਹੋਇਆ ਹੈ।
ਮੋਗਾ ਦਾ ਇੱਕ ਪਰਿਵਾਰ ਵਿੱਚ ਬਣੇ ਗੁਰਦੁਆਰੇ ਵਿੱਚ ਬਿਨਾਂ ਅਨੰਦ ਕਾਰਜ ਕੀਤੇ ਘਰੋਂ ਭੱਜੇ ਜੋੜਿਆਂ ਨੂੰ ਦਿੱਤੇ ਜਾਂਦੇ ਸਨ ਵਿਆਹ ਦੇ ਸਰਟੀਫਿਕੇਟ
ਗੁਰਦੁਆਰਾ ਚਲਾ ਰਹੇ ਬਾਬਾ ਨੇ ਸਭੇ ਮਾਮੇ ਭਾਣਜੀ ਦੇ ਵਿਆਹ ਦਾ ਸਰਟੀਫਿਕੇਟ ਜਾਰੀ ਕਰਤਾ
ਸਿੱਖ ਜੱਥੇਬੰਦੀਆਂ ਨੇ
ਕਾਰਵਾਈ ਕਰਦੇ ਹੋਏ ਸ੍ਰੀ ਗੁਰੂ
ਗ੍ਰੰਥ ਸਾਹਿਬ ਦੇ ਸਰੂਪ ਇੱਥੋਂ
ਨੇੜਲੇ ਗੁਰਦੁਆਰੇ ਪਹੁੰਚਾਏ
ਮੋਗਾ, 26 ਦਸੰਬਰ- ਸਿੱਖ ਜਥੇਬੰਦੀਆਂ ਨੇ ਘਰ ਵਿੱਚ ਬਣੇ ਗੁਰਦੁਆਰੇ ਵਿੱਚ ਮਰਯਾਦਾ ਦੀ ਉਲੰਘਣਾ ਕਰਕੇ ਵਿਆਹ ਦੇ ਸਰਟੀਫਿਕੇਟ ਜਾਰੀ ਕਰਨ ਦਾ ਮਾਮਲਾ ਉਜਾਗਰ ਕੀਤਾ। ਜਥੇਬੰਦੀਆਂ ਨੇ ਸ੍ਰੀ ਗੁਰੂ ਗ੍ਰੰਥ ਸਾਹਿਬ ਜੀ ਦੇ ਸਰੂਪ ਸਤਿਕਾਰ ਸਹਿਤ ਨੇੜਲੇ ਗੁਰਦੁਆਰਾ ਸਾਹਿਬ ਪਹੁੰਚਾਏ।
ਮੋਗਾ, 26 ਦਸੰਬਰ- ਸਿੱਖ ਜਥੇਬੰਦੀਆਂ ਨੇ ਘਰ ਵਿੱਚ ਬਣੇ ਗੁਰਦੁਆਰੇ ਵਿੱਚ ਮਰਯਾਦਾ ਦੀ ਉਲੰਘਣਾ ਕਰਕੇ ਵਿਆਹ ਦੇ ਸਰਟੀਫਿਕੇਟ ਜਾਰੀ ਕਰਨ ਦਾ ਮਾਮਲਾ ਉਜਾਗਰ ਕੀਤਾ। ਜਥੇਬੰਦੀਆਂ ਨੇ ਸ੍ਰੀ ਗੁਰੂ ਗ੍ਰੰਥ ਸਾਹਿਬ ਜੀ ਦੇ ਸਰੂਪ ਸਤਿਕਾਰ ਸਹਿਤ ਨੇੜਲੇ ਗੁਰਦੁਆਰਾ ਸਾਹਿਬ ਪਹੁੰਚਾਏ।
ਮੋਗਾ, 26 ਦਸੰਬਰ- ਸਿੱਖ ਜਥੇਬੰਦੀਆਂ ਨੇ ਘਰ ਵਿੱਚ ਬਣੇ ਗੁਰਦੁਆਰੇ ਵਿੱਚ ਮਰਯਾਦਾ ਦੀ ਉਲੰਘਣਾ ਕਰਕੇ ਵਿਆਹ ਦੇ ਸਰਟੀਫਿਕੇਟ ਜਾਰੀ ਕਰਨ ਦਾ ਮਾਮਲਾ ਉਜਾਗਰ ਕੀਤਾ। ਜਥੇਬੰਦੀਆਂ ਨੇ ਸ੍ਰੀ ਗੁਰੂ ਗ੍ਰੰਥ ਸਾਹਿਬ ਜੀ ਦੇ ਸਰੂਪ ਸਤਿਕਾਰ ਸਹਿਤ ਨੇੜਲੇ ਗੁਰਦੁਆਰਾ ਸਾਹਿਬ ਪਹੁੰਚਾਏ।
ਮੋਗਾ, 26 ਦਸੰਬਰ- ਸਿੱਖ ਜਥੇਬੰਦੀਆਂ ਨੇ ਘਰ ਵਿੱਚ ਬਣੇ ਗੁਰਦੁਆਰੇ ਵਿੱਚ ਮਰਯਾਦਾ ਦੀ ਉਲੰਘਣਾ ਕਰਕੇ ਵਿਆਹ ਦੇ ਸਰਟੀਫਿਕੇਟ ਜਾਰੀ ਕਰਨ ਦਾ ਮਾਮਲਾ ਉਜਾਗਰ ਕੀਤਾ। ਜਥੇਬੰਦੀਆਂ ਨੇ ਸ੍ਰੀ ਗੁਰੂ ਗ੍ਰੰਥ ਸਾਹਿਬ ਜੀ ਦੇ ਸਰੂਪ ਸਤਿਕਾਰ ਸਹਿਤ ਨੇੜਲੇ ਗੁਰਦੁਆਰਾ ਸਾਹਿਬ ਪਹੁੰਚਾਏ।
ਅਕਾਲ ਪੁਰਖ ਕੀ ਫੌਜ ਵੱਲੋਂ ਗਲਵਕੜੀ ਚਾਰ ਸਾਹਿਬਜ਼ਾਦੇ
ਸਾਡਾ ਵਿਰਸਾ ਸਾਡਾ ਪਰਿਵਾਰ ਪ੍ਰੋਗਰਾਮ ਕੀਤਾ ਆਯੋਜਿਤ
ਅੰਮ੍ਰਿਤਸਰ 26 ਦਸੰਬਰ- ਅਕਾਲ ਪੁਰਖ ਕੀ ਫੌਜ ਵੱਲੋਂ ਸਾਹਿਬਜ਼ਾਦਿਆਂ ਦੀ ਸ਼ਹਾਦਤ ਨੂੰ ਸਮਰਪਿਤ ਗਲਵਕੜੀ ਚਾਰ ਸਾਹਿਬਜ਼ਾਦੇ ਸਾਡਾ ਵਿਰਸਾ ਸਾਡਾ ਪਰਿਵਾਰ ਪ੍ਰੋਗਰਾਮ ਕਰਵਾਇਆ ਗਿਆ ਜਿਸ ਵਿੱਚ ਵੱਡੀ ਗਿਣਤੀ ਵਿੱਚ ਸੰਗਤਾਂ ਅਤੇ ਪਰਿਵਾਰਾਂ ਨੇ ਹਿੱਸਾ ਲਿਆ।
ਅੰਮ੍ਰਿਤਸਰ 26 ਦਸੰਬਰ- ਅਕਾਲ ਪੁਰਖ ਕੀ ਫੌਜ ਵੱਲੋਂ ਸਾਹਿਬਜ਼ਾਦਿਆਂ ਦੀ ਸ਼ਹਾਦਤ ਨੂੰ ਸਮਰਪਿਤ ਗਲਵਕੜੀ ਚਾਰ ਸਾਹਿਬਜ਼ਾਦੇ ਸਾਡਾ ਵਿਰਸਾ ਸਾਡਾ ਪਰਿਵਾਰ ਪ੍ਰੋਗਰਾਮ ਕਰਵਾਇਆ ਗਿਆ ਜਿਸ ਵਿੱਚ ਵੱਡੀ ਗਿਣਤੀ ਵਿੱਚ ਸੰਗਤਾਂ ਅਤੇ ਪਰਿਵਾਰਾਂ ਨੇ ਹਿੱਸਾ ਲਿਆ।
ਅੰਮ੍ਰਿਤਸਰ 26 ਦਸੰਬਰ- ਅਕਾਲ ਪੁਰਖ ਕੀ ਫੌਜ ਵੱਲੋਂ ਸਾਹਿਬਜ਼ਾਦਿਆਂ ਦੀ ਸ਼ਹਾਦਤ ਨੂੰ ਸਮਰਪਿਤ ਗਲਵਕੜੀ ਚਾਰ ਸਾਹਿਬਜ਼ਾਦੇ ਸਾਡਾ ਵਿਰਸਾ ਸਾਡਾ ਪਰਿਵਾਰ ਪ੍ਰੋਗਰਾਮ ਕਰਵਾਇਆ ਗਿਆ ਜਿਸ ਵਿੱਚ ਵੱਡੀ ਗਿਣਤੀ ਵਿੱਚ ਸੰਗਤਾਂ ਅਤੇ
ਅੰਮ੍ਰਿਤਸਰ 26 ਦਸੰਬਰ- ਅਕਾਲ ਪੁਰਖ ਕੀ ਫੌਜ ਵੱਲੋਂ ਸਾਹਿਬਜ਼ਾਦਿਆਂ ਦੀ ਸ਼ਹਾਦਤ ਨੂੰ ਸਮਰਪਿਤ ਗਲਵਕੜੀ ਚਾਰ ਸਾਹਿਬਜ਼ਾਦੇ ਸਾਡਾ ਵਿਰਸਾ ਸਾਡਾ ਪਰਿਵਾਰ ਪ੍ਰੋਗਰਾਮ ਕਰਵਾਇਆ ਗਿਆ ਜਿਸ ਵਿੱਚ ਵੱਡੀ ਗਿਣਤੀ ਵਿੱਚ ਸੰਗਤਾਂ ਅਤੇ ਪਰਿਵਾਰਾਂ ਨੇ ਹਿੱਸਾ ਲਿਆ।
ਅੰਮ੍ਰਿਤਸਰ 26 ਦਸੰਬਰ- ਅਕਾਲ ਪੁਰਖ ਕੀ ਫੌਜ ਵੱਲੋਂ ਸਾਹਿਬਜ਼ਾਦਿਆਂ ਦੀ ਸ਼ਹਾਦਤ ਨੂੰ ਸਮਰਪਿਤ ਗਲਵਕੜੀ ਚਾਰ ਸਾਹਿਬਜ਼ਾਦੇ ਸਾਡਾ ਵਿਰਸਾ ਸਾਡਾ ਪਰਿਵਾਰ ਪ੍ਰੋਗਰਾਮ ਕਰਵਾਇਆ ਗਿਆ ਜਿਸ ਵਿੱਚ ਵੱਡੀ ਗਿਣਤੀ ਵਿੱਚ ਸੰਗਤਾਂ ਅਤੇ ਪਰਿਵਾਰਾਂ ਨੇ ਹਿੱਸਾ ਲਿਆ।
